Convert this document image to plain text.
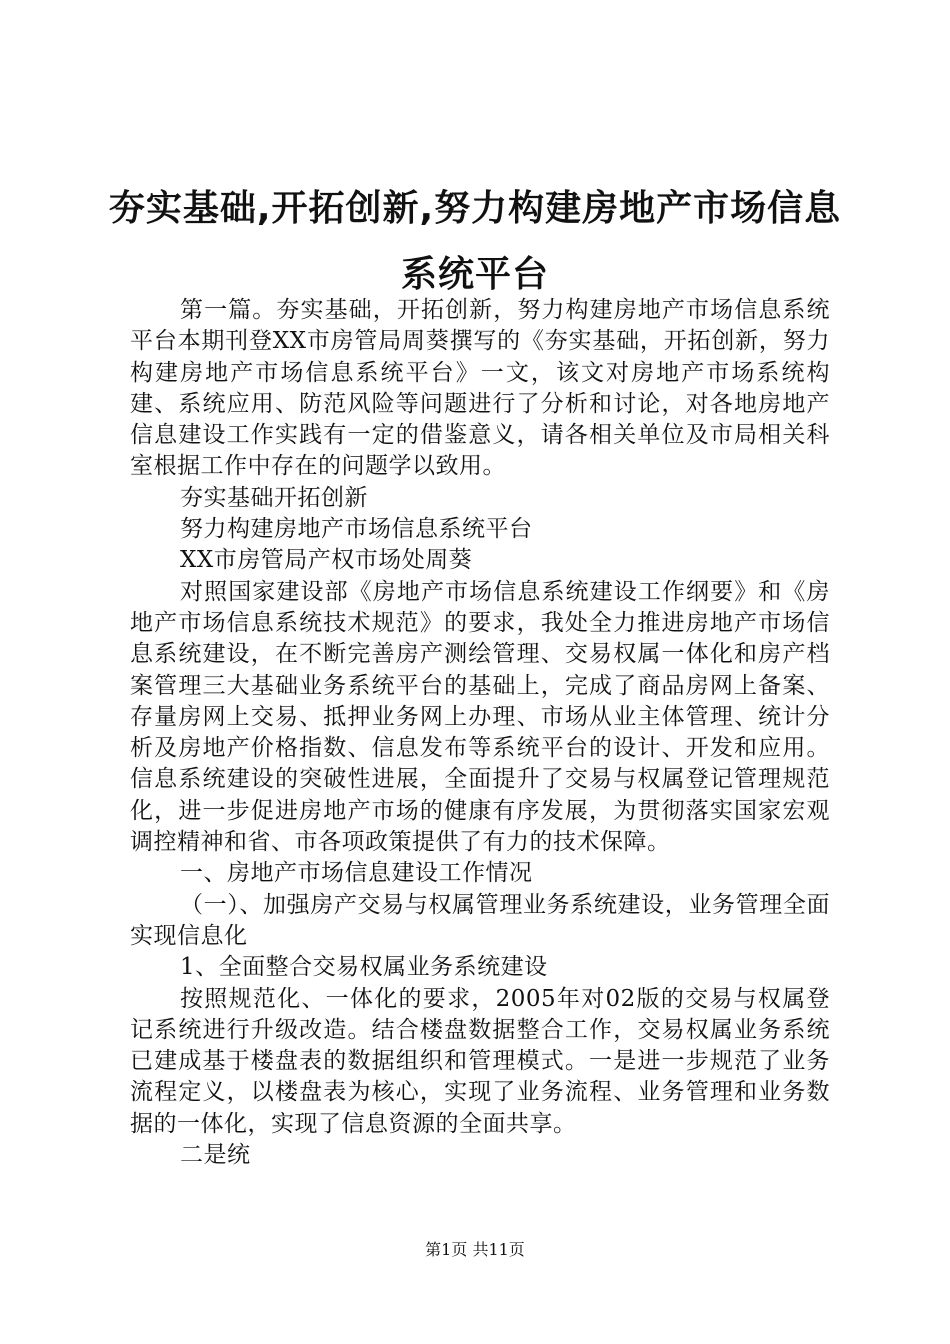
夯实基础,开拓创新,努力构建房地产市场信息系统平台

第一篇。夯实基础，开拓创新，努力构建房地产市场信息系统平台本期刊登XX市房管局周葵撰写的《夯实基础，开拓创新，努力构建房地产市场信息系统平台》一文，该文对房地产市场系统构建、系统应用、防范风险等问题进行了分析和讨论，对各地房地产信息建设工作实践有一定的借鉴意义，请各相关单位及市局相关科室根据工作中存在的问题学以致用。

夯实基础开拓创新

努力构建房地产市场信息系统平台

XX市房管局产权市场处周葵

对照国家建设部《房地产市场信息系统建设工作纲要》和《房地产市场信息系统技术规范》的要求，我处全力推进房地产市场信息系统建设，在不断完善房产测绘管理、交易权属一体化和房产档案管理三大基础业务系统平台的基础上，完成了商品房网上备案、存量房网上交易、抵押业务网上办理、市场从业主体管理、统计分析及房地产价格指数、信息发布等系统平台的设计、开发和应用。信息系统建设的突破性进展，全面提升了交易与权属登记管理规范化，进一步促进房地产市场的健康有序发展，为贯彻落实国家宏观调控精神和省、市各项政策提供了有力的技术保障。

一、房地产市场信息建设工作情况

（一）、加强房产交易与权属管理业务系统建设，业务管理全面实现信息化

1、全面整合交易权属业务系统建设

按照规范化、一体化的要求，2005年对02版的交易与权属登记系统进行升级改造。结合楼盘数据整合工作，交易权属业务系统已建成基于楼盘表的数据组织和管理模式。一是进一步规范了业务流程定义，以楼盘表为核心，实现了业务流程、业务管理和业务数据的一体化，实现了信息资源的全面共享。

二是统

第1页 共11页
